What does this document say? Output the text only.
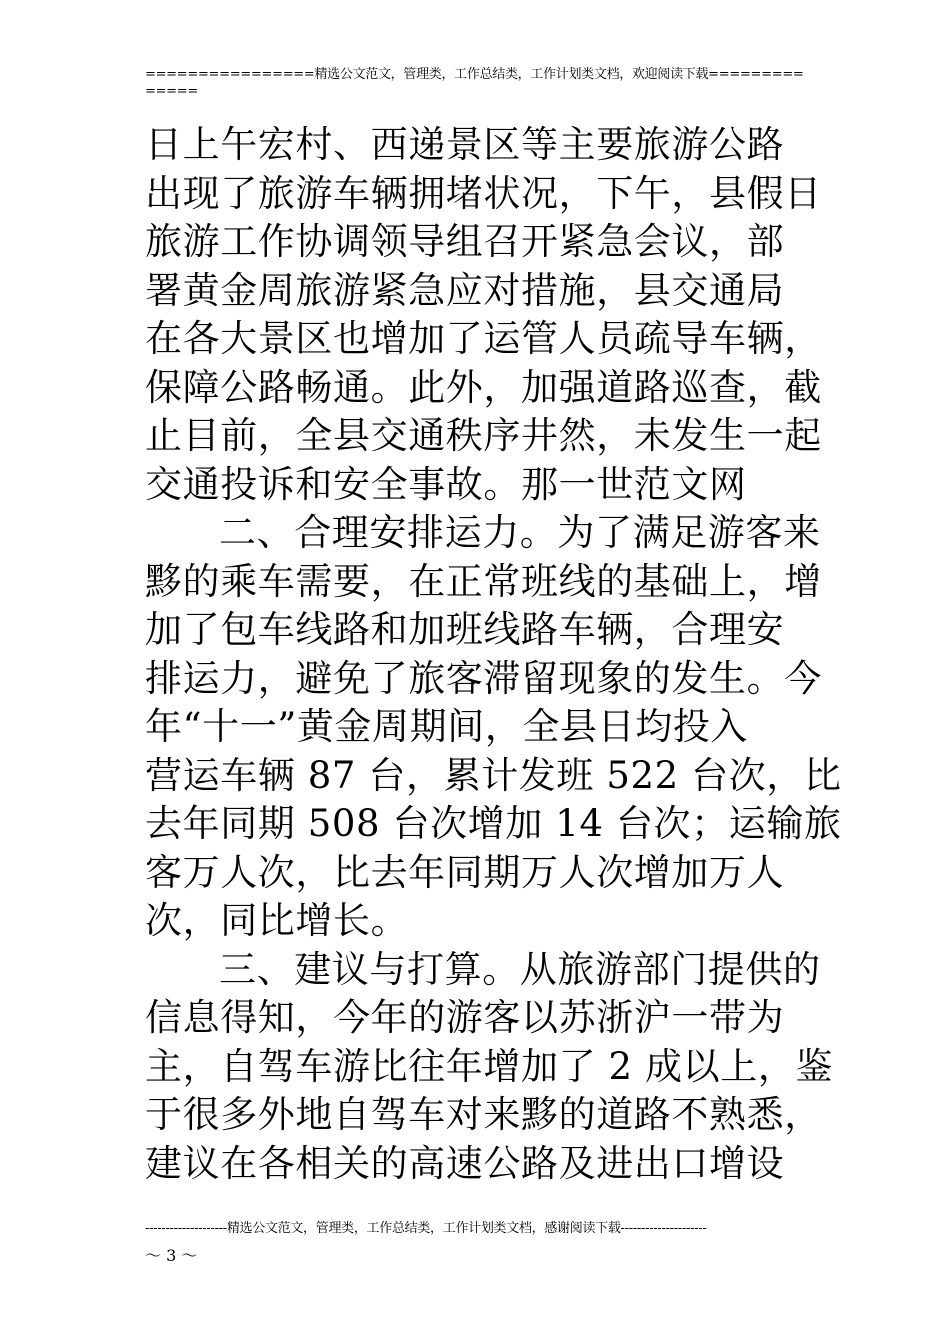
================精选公文范文，管理类，工作总结类，工作计划类文档，欢迎阅读下载==============
日上午宏村、西递景区等主要旅游公路
出现了旅游车辆拥堵状况，下午，县假日
旅游工作协调领导组召开紧急会议，部
署黄金周旅游紧急应对措施，县交通局
在各大景区也增加了运管人员疏导车辆，
保障公路畅通。此外，加强道路巡查，截
止目前，全县交通秩序井然，未发生一起
交通投诉和安全事故。那一世范文网
二、合理安排运力。为了满足游客来
黟的乘车需要，在正常班线的基础上，增
加了包车线路和加班线路车辆，合理安
排运力，避免了旅客滞留现象的发生。今
年“十一”黄金周期间，全县日均投入
营运车辆 87 台，累计发班 522 台次，比
去年同期 508 台次增加 14 台次；运输旅
客万人次，比去年同期万人次增加万人
次，同比增长。
三、建议与打算。从旅游部门提供的
信息得知，今年的游客以苏浙沪一带为
主，自驾车游比往年增加了 2 成以上，鉴
于很多外地自驾车对来黟的道路不熟悉，
建议在各相关的高速公路及进出口增设
--------------------精选公文范文，管理类，工作总结类，工作计划类文档，感谢阅读下载---------------------
～ 3 ～
